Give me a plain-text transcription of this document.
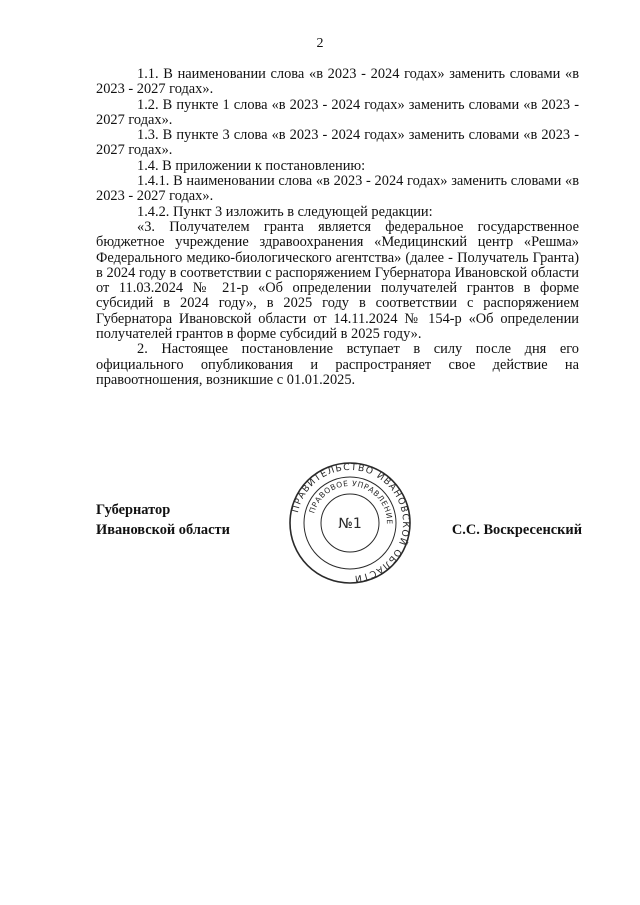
2

1.1. В наименовании слова «в 2023 - 2024 годах» заменить словами «в 2023 - 2027 годах».

1.2. В пункте 1 слова «в 2023 - 2024 годах» заменить словами «в 2023 - 2027 годах».

1.3. В пункте 3 слова «в 2023 - 2024 годах» заменить словами «в 2023 - 2027 годах».

1.4. В приложении к постановлению:

1.4.1. В наименовании слова «в 2023 - 2024 годах» заменить словами «в 2023 - 2027 годах».

1.4.2. Пункт 3 изложить в следующей редакции:

«3. Получателем гранта является федеральное государственное бюджетное учреждение здравоохранения «Медицинский центр «Решма» Федерального медико-биологического агентства» (далее - Получатель Гранта) в 2024 году в соответствии с распоряжением Губернатора Ивановской области от 11.03.2024 № 21-р «Об определении получателей грантов в форме субсидий в 2024 году», в 2025 году в соответствии с распоряжением Губернатора Ивановской области от 14.11.2024 № 154-р «Об определении получателей грантов в форме субсидий в 2025 году».

2. Настоящее постановление вступает в силу после дня его официального опубликования и распространяет свое действие на правоотношения, возникшие с 01.01.2025.

Губернатор
Ивановской области	С.С. Воскресенский
ПРАВИТЕЛЬСТВО ИВАНОВСКОЙ ОБЛАСТИ
ПРАВОВОЕ УПРАВЛЕНИЕ
№1
